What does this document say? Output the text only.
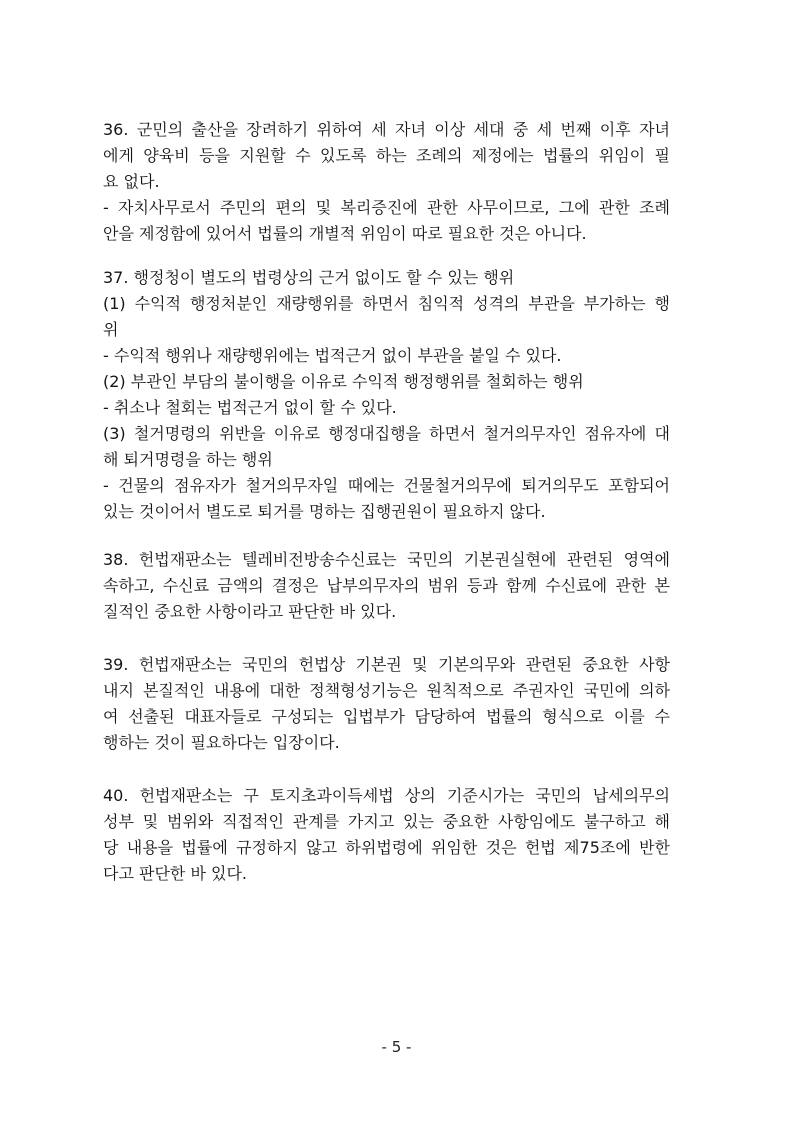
36. 군민의 출산을 장려하기 위하여 세 자녀 이상 세대 중 세 번째 이후 자녀
에게 양육비 등을 지원할 수 있도록 하는 조례의 제정에는 법률의 위임이 필
요 없다.
- 자치사무로서 주민의 편의 및 복리증진에 관한 사무이므로, 그에 관한 조례
안을 제정함에 있어서 법률의 개별적 위임이 따로 필요한 것은 아니다.
37. 행정청이 별도의 법령상의 근거 없이도 할 수 있는 행위
(1) 수익적 행정처분인 재량행위를 하면서 침익적 성격의 부관을 부가하는 행
위
- 수익적 행위나 재량행위에는 법적근거 없이 부관을 붙일 수 있다.
(2) 부관인 부담의 불이행을 이유로 수익적 행정행위를 철회하는 행위
- 취소나 철회는 법적근거 없이 할 수 있다.
(3) 철거명령의 위반을 이유로 행정대집행을 하면서 철거의무자인 점유자에 대
해 퇴거명령을 하는 행위
- 건물의 점유자가 철거의무자일 때에는 건물철거의무에 퇴거의무도 포함되어
있는 것이어서 별도로 퇴거를 명하는 집행권원이 필요하지 않다.
38. 헌법재판소는 텔레비전방송수신료는 국민의 기본권실현에 관련된 영역에
속하고, 수신료 금액의 결정은 납부의무자의 범위 등과 함께 수신료에 관한 본
질적인 중요한 사항이라고 판단한 바 있다.
39. 헌법재판소는 국민의 헌법상 기본권 및 기본의무와 관련된 중요한 사항
내지 본질적인 내용에 대한 정책형성기능은 원칙적으로 주권자인 국민에 의하
여 선출된 대표자들로 구성되는 입법부가 담당하여 법률의 형식으로 이를 수
행하는 것이 필요하다는 입장이다.
40. 헌법재판소는 구 토지초과이득세법 상의 기준시가는 국민의 납세의무의
성부 및 범위와 직접적인 관계를 가지고 있는 중요한 사항임에도 불구하고 해
당 내용을 법률에 규정하지 않고 하위법령에 위임한 것은 헌법 제75조에 반한
다고 판단한 바 있다.
- 5 -
